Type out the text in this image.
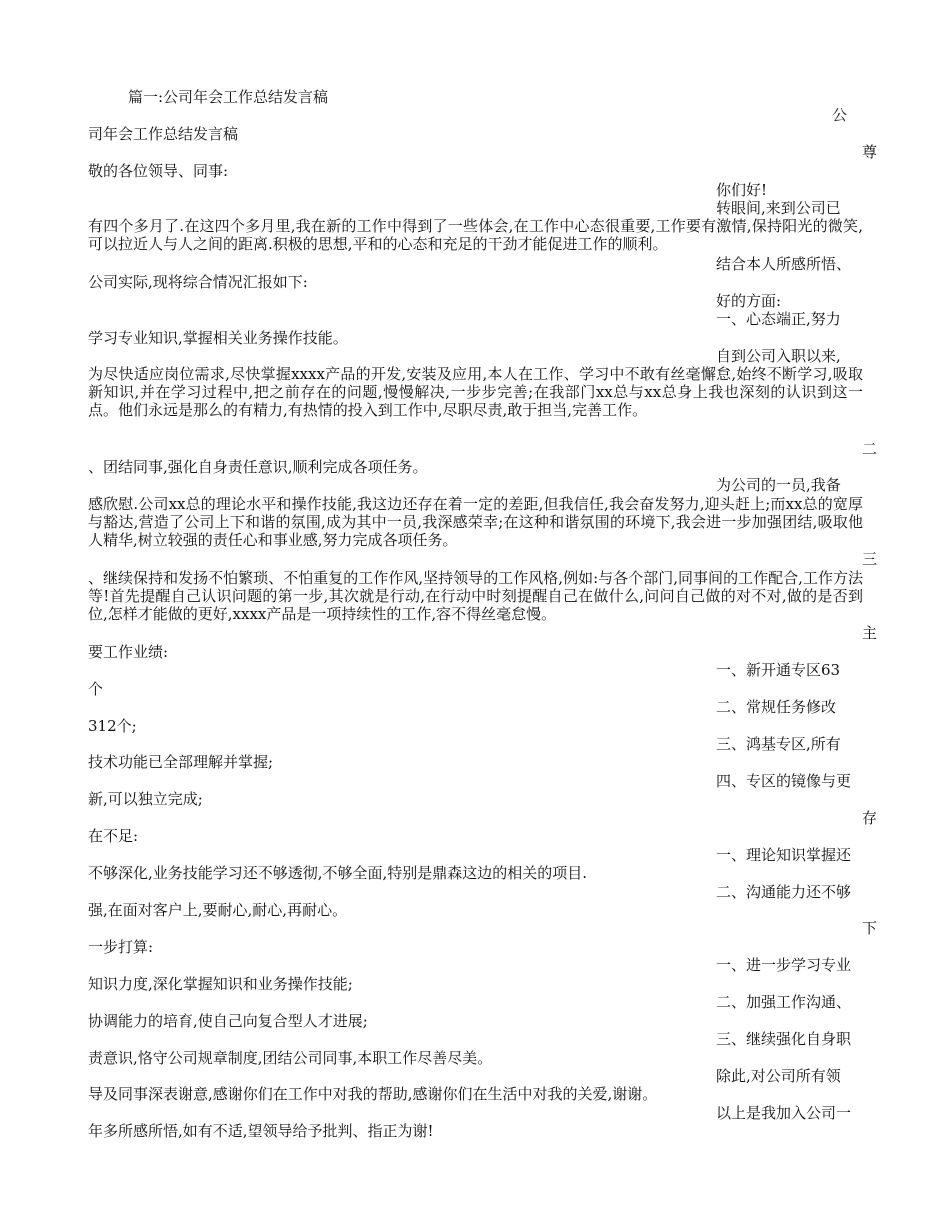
篇一:公司年会工作总结发言稿
公
司年会工作总结发言稿
尊
敬的各位领导、同事:
你们好!
转眼间,来到公司已
有四个多月了.在这四个多月里,我在新的工作中得到了一些体会,在工作中心态很重要,工作要有激情,保持阳光的微笑,可以拉近人与人之间的距离.积极的思想,平和的心态和充足的干劲才能促进工作的顺利。
结合本人所感所悟、
公司实际,现将综合情况汇报如下:
好的方面:
一、心态端正,努力
学习专业知识,掌握相关业务操作技能。
自到公司入职以来,
为尽快适应岗位需求,尽快掌握xxxx产品的开发,安装及应用,本人在工作、学习中不敢有丝毫懈怠,始终不断学习,吸取新知识,并在学习过程中,把之前存在的问题,慢慢解决,一步步完善;在我部门xx总与xx总身上我也深刻的认识到这一点。他们永远是那么的有精力,有热情的投入到工作中,尽职尽责,敢于担当,完善工作。
二
、团结同事,强化自身责任意识,顺利完成各项任务。
为公司的一员,我备
感欣慰.公司xx总的理论水平和操作技能,我这边还存在着一定的差距,但我信任,我会奋发努力,迎头赶上;而xx总的宽厚与豁达,营造了公司上下和谐的氛围,成为其中一员,我深感荣幸;在这种和谐氛围的环境下,我会进一步加强团结,吸取他人精华,树立较强的责任心和事业感,努力完成各项任务。
三
、继续保持和发扬不怕繁琐、不怕重复的工作作风,坚持领导的工作风格,例如:与各个部门,同事间的工作配合,工作方法等!首先提醒自己认识问题的第一步,其次就是行动,在行动中时刻提醒自己在做什么,问问自己做的对不对,做的是否到位,怎样才能做的更好,xxxx产品是一项持续性的工作,容不得丝毫怠慢。
主
要工作业绩:
一、新开通专区63
个
二、常规任务修改
312个;
三、鸿基专区,所有
技术功能已全部理解并掌握;
四、专区的镜像与更
新,可以独立完成;
存
在不足:
一、理论知识掌握还
不够深化,业务技能学习还不够透彻,不够全面,特别是鼎森这边的相关的项目.
二、沟通能力还不够
强,在面对客户上,要耐心,耐心,再耐心。
下
一步打算:
一、进一步学习专业
知识力度,深化掌握知识和业务操作技能;
二、加强工作沟通、
协调能力的培育,使自己向复合型人才进展;
三、继续强化自身职
责意识,恪守公司规章制度,团结公司同事,本职工作尽善尽美。
除此,对公司所有领
导及同事深表谢意,感谢你们在工作中对我的帮助,感谢你们在生活中对我的关爱,谢谢。
以上是我加入公司一
年多所感所悟,如有不适,望领导给予批判、指正为谢!
